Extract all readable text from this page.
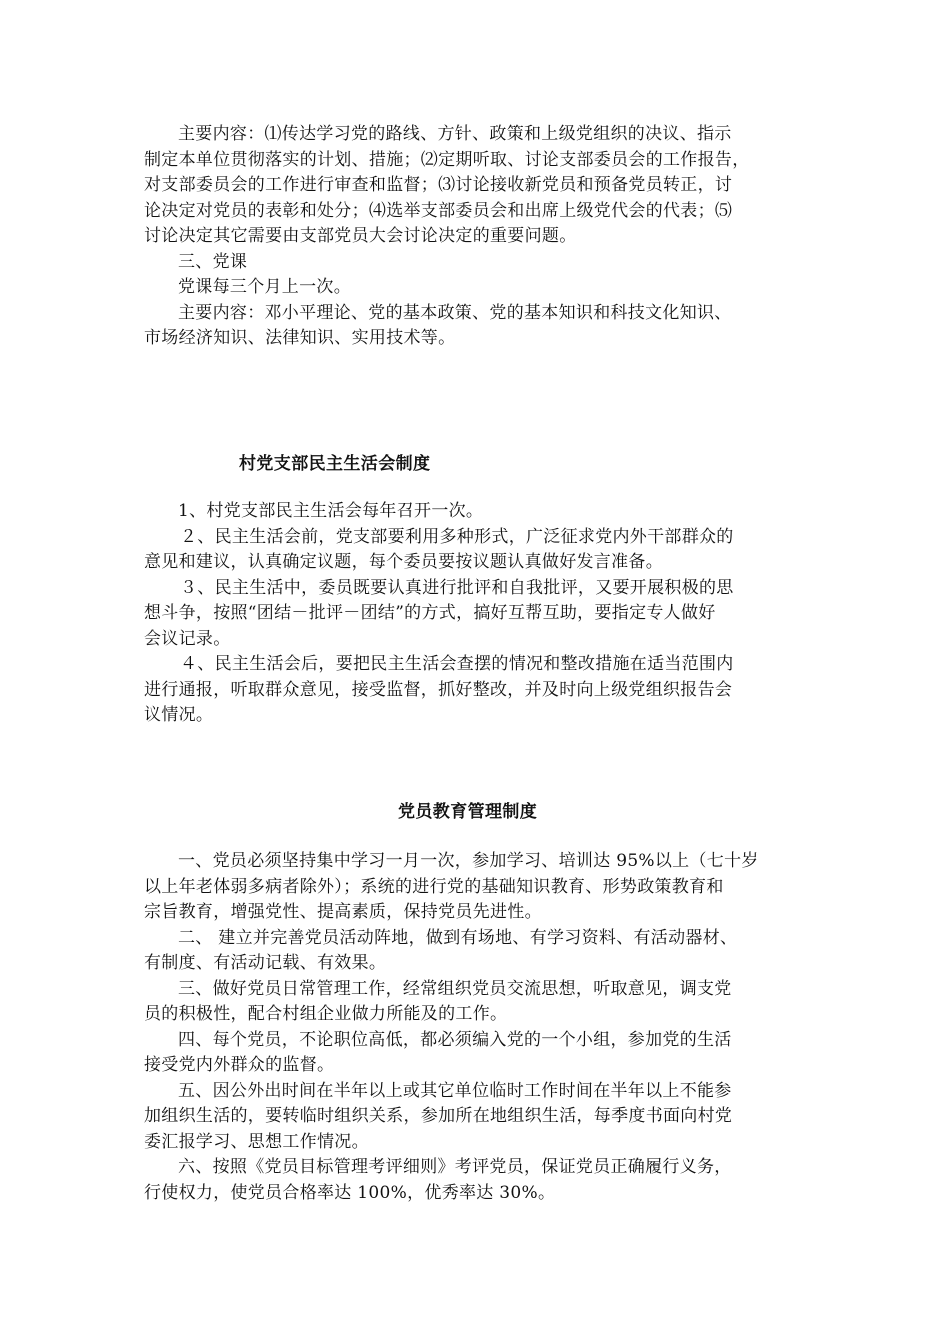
主要内容：⑴传达学习党的路线、方针、政策和上级党组织的决议、指示
制定本单位贯彻落实的计划、措施；⑵定期听取、讨论支部委员会的工作报告，
对支部委员会的工作进行审查和监督；⑶讨论接收新党员和预备党员转正，讨
论决定对党员的表彰和处分；⑷选举支部委员会和出席上级党代会的代表；⑸
讨论决定其它需要由支部党员大会讨论决定的重要问题。
三、党课
党课每三个月上一次。
主要内容：邓小平理论、党的基本政策、党的基本知识和科技文化知识、
市场经济知识、法律知识、实用技术等。
村党支部民主生活会制度
1、村党支部民主生活会每年召开一次。
２、民主生活会前，党支部要利用多种形式，广泛征求党内外干部群众的
意见和建议，认真确定议题，每个委员要按议题认真做好发言准备。
３、民主生活中，委员既要认真进行批评和自我批评，又要开展积极的思
想斗争，按照“团结－批评－团结”的方式，搞好互帮互助，要指定专人做好
会议记录。
４、民主生活会后，要把民主生活会查摆的情况和整改措施在适当范围内
进行通报，听取群众意见，接受监督，抓好整改，并及时向上级党组织报告会
议情况。
党员教育管理制度
一、党员必须坚持集中学习一月一次，参加学习、培训达 95%以上（七十岁
以上年老体弱多病者除外）；系统的进行党的基础知识教育、形势政策教育和
宗旨教育，增强党性、提高素质，保持党员先进性。
二、 建立并完善党员活动阵地，做到有场地、有学习资料、有活动器材、
有制度、有活动记载、有效果。
三、做好党员日常管理工作，经常组织党员交流思想，听取意见，调支党
员的积极性，配合村组企业做力所能及的工作。
四、每个党员，不论职位高低，都必须编入党的一个小组，参加党的生活
接受党内外群众的监督。
五、因公外出时间在半年以上或其它单位临时工作时间在半年以上不能参
加组织生活的，要转临时组织关系，参加所在地组织生活，每季度书面向村党
委汇报学习、思想工作情况。
六、按照《党员目标管理考评细则》考评党员，保证党员正确履行义务，
行使权力，使党员合格率达 100%，优秀率达 30%。
